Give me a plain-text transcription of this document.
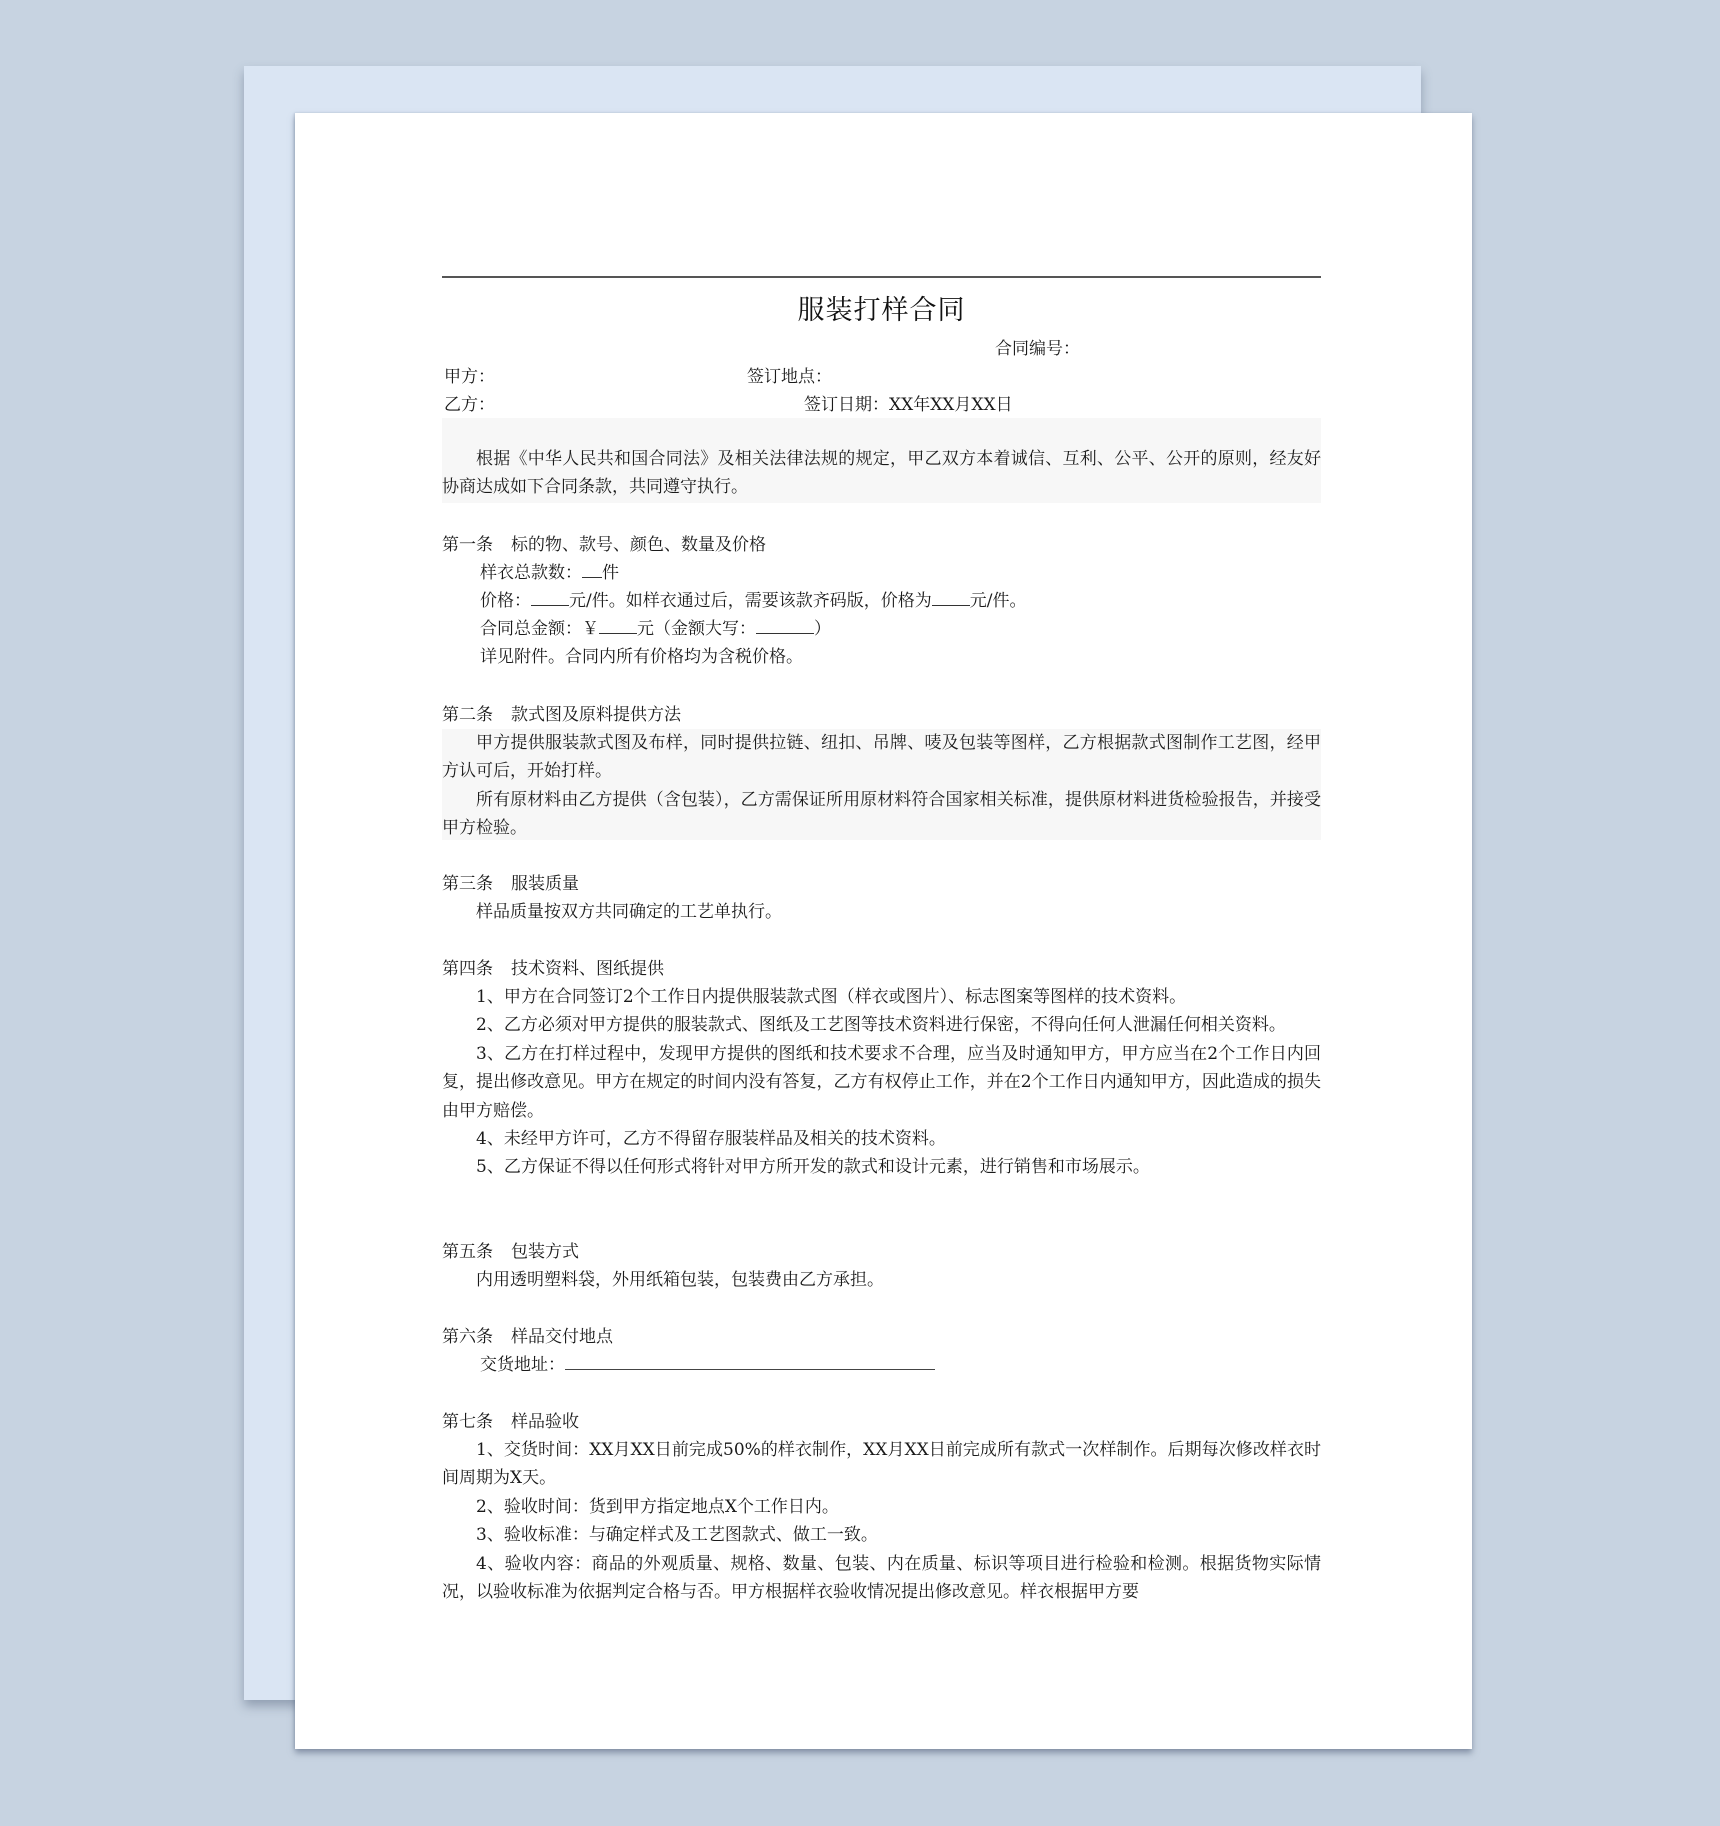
服装打样合同
合同编号：
甲方：	签订地点：
乙方：	签订日期：XX年XX月XX日

根据《中华人民共和国合同法》及相关法律法规的规定，甲乙双方本着诚信、互利、公平、公开的原则，经友好协商达成如下合同条款，共同遵守执行。

第一条 标的物、款号、颜色、数量及价格
样衣总款数： 件
价格： 元/件。如样衣通过后，需要该款齐码版，价格为 元/件。
合同总金额：￥ 元（金额大写：	）
详见附件。合同内所有价格均为含税价格。
第二条 款式图及原料提供方法

甲方提供服装款式图及布样，同时提供拉链、纽扣、吊牌、唛及包装等图样，乙方根据款式图制作工艺图，经甲方认可后，开始打样。

所有原材料由乙方提供（含包装），乙方需保证所用原材料符合国家相关标准，提供原材料进货检验报告，并接受甲方检验。

第三条 服装质量

样品质量按双方共同确定的工艺单执行。

第四条 技术资料、图纸提供

1、甲方在合同签订2个工作日内提供服装款式图（样衣或图片）、标志图案等图样的技术资料。

2、乙方必须对甲方提供的服装款式、图纸及工艺图等技术资料进行保密，不得向任何人泄漏任何相关资料。

3、乙方在打样过程中，发现甲方提供的图纸和技术要求不合理，应当及时通知甲方，甲方应当在2个工作日内回复，提出修改意见。甲方在规定的时间内没有答复，乙方有权停止工作，并在2个工作日内通知甲方，因此造成的损失由甲方赔偿。

4、未经甲方许可，乙方不得留存服装样品及相关的技术资料。

5、乙方保证不得以任何形式将针对甲方所开发的款式和设计元素，进行销售和市场展示。

第五条 包装方式

内用透明塑料袋，外用纸箱包装，包装费由乙方承担。

第六条 样品交付地点
交货地址：
第七条 样品验收

1、交货时间：XX月XX日前完成50%的样衣制作，XX月XX日前完成所有款式一次样制作。后期每次修改样衣时间周期为X天。

2、验收时间：货到甲方指定地点X个工作日内。

3、验收标准：与确定样式及工艺图款式、做工一致。

4、验收内容：商品的外观质量、规格、数量、包装、内在质量、标识等项目进行检验和检测。根据货物实际情况，以验收标准为依据判定合格与否。甲方根据样衣验收情况提出修改意见。样衣根据甲方要
